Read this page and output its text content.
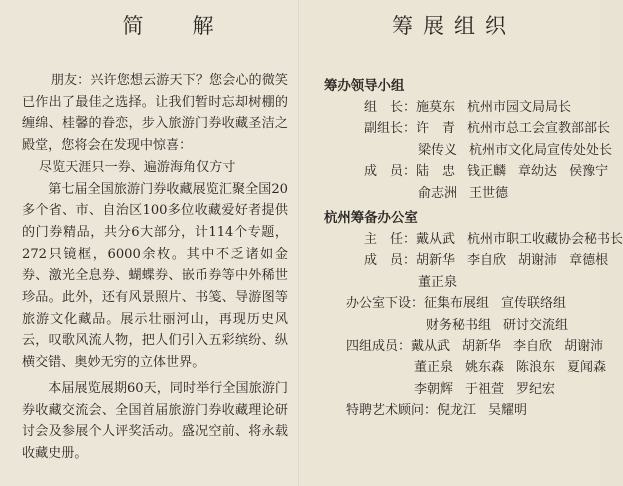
简　解

朋友：兴许您想云游天下？您会心的微笑已作出了最佳之选择。让我们暂时忘却树棚的缠绵、桂馨的眷恋，步入旅游门券收藏圣洁之殿堂，您将会在发现中惊喜：

尽览天涯只一券、遍游海角仅方寸

第七届全国旅游门券收藏展览汇聚全国20多个省、市、自治区100多位收藏爱好者提供的门券精品，共分6大部分，计114个专题，272只镜框，6000余枚。其中不乏诸如金券、激光全息券、蝴蝶券、嵌币券等中外稀世珍品。此外，还有风景照片、书笺、导游图等旅游文化藏品。展示壮丽河山，再现历史风云，叹歌风流人物，把人们引入五彩缤纷、纵横交错、奥妙无穷的立体世界。

本届展览展期60天，同时举行全国旅游门券收藏交流会、全国首届旅游门券收藏理论研讨会及参展个人评奖活动。盛况空前、将永载收藏史册。

筹展组织
筹办领导小组
组　长：施莫东 杭州市园文局局长
副组长：许　青 杭州市总工会宣教部部长
梁传义 杭州市文化局宣传处处长
成　员：陆　忠 钱正麟 章幼达 侯豫宁
俞志洲 王世德
杭州筹备办公室
主　任：戴从武 杭州市职工收藏协会秘书长
成　员：胡新华 李自欣 胡谢沛 章德根
董正泉
办公室下设：征集布展组 宣传联络组
财务秘书组 研讨交流组
四组成员：戴从武 胡新华 李自欣 胡谢沛
董正泉 姚东森 陈浪东 夏闻森
李朝辉 于祖萱 罗纪宏
特聘艺术顾问：倪龙江 吴耀明
